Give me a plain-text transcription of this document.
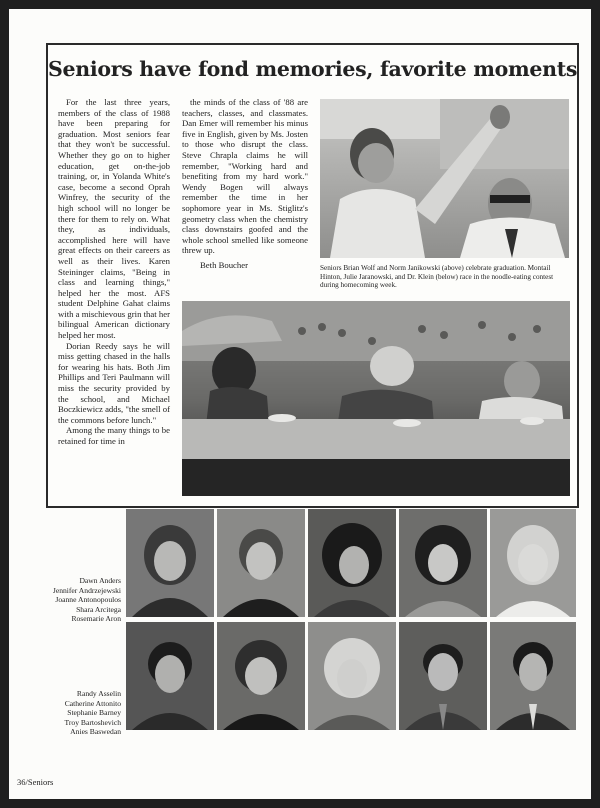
Seniors have fond memories, favorite moments

For the last three years, members of the class of 1988 have been preparing for graduation. Most seniors fear that they won't be successful. Whether they go on to higher education, get on-the-job training, or, in Yolanda White's case, become a second Oprah Winfrey, the security of the high school will no longer be there for them to rely on. What they, as individuals, accomplished here will have great effects on their careers as well as their lives. Karen Steininger claims, "Being in class and learning things," helped her the most. AFS student Delphine Gahat claims with a mischievous grin that her bilingual American dictionary helped her most.

Dorian Reedy says he will miss getting chased in the halls for wearing his hats. Both Jim Phillips and Teri Paulmann will miss the security provided by the school, and Michael Boczkiewicz adds, "the smell of the commons before lunch."

Among the many things to be retained for time in

the minds of the class of '88 are teachers, classes, and classmates. Dan Emer will remember his minus five in English, given by Ms. Josten to those who disrupt the class. Steve Chrapla claims he will remember, "Working hard and benefiting from my hard work." Wendy Bogen will always remember the time in her sophomore year in Ms. Stiglitz's geometry class when the chemistry class downstairs goofed and the whole school smelled like someone threw up.

Beth Boucher	Seniors Brian Wolf and Norm Janikowski (above) celebrate graduation. Montail Hinton, Julie Jaranowski, and Dr. Klein (below) race in the noodle-eating contest during homecoming week.
Dawn Anders
Jennifer Andrzejewski
Joanne Antonopoulos
Shara Arcitega
Rosemarie Aron
Randy Asselin
Catherine Attonito
Stephanie Barney
Troy Bartoshevich
Anies Baswedan
36/Seniors
